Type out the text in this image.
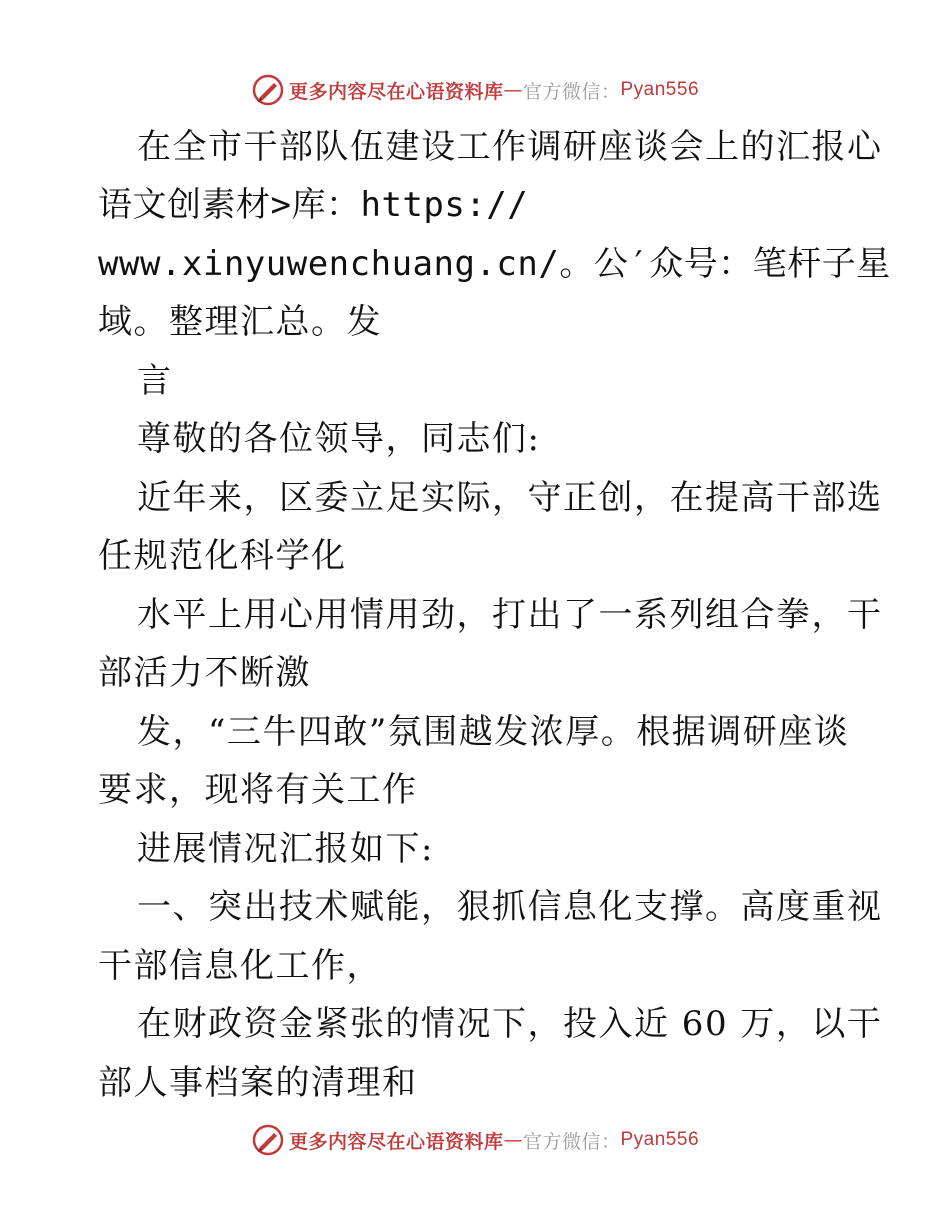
更多内容尽在心语资料库 — 官方微信： Pyan556
在全市干部队伍建设工作调研座谈会上的汇报心
语文创素材>库：https://
www.xinyuwenchuang.cn/。公′众号：笔杆子星
域。整理汇总。发
言
尊敬的各位领导，同志们:
近年来，区委立足实际，守正创，在提高干部选
任规范化科学化
水平上用心用情用劲，打出了一系列组合拳，干
部活力不断激
发，“三牛四敢”氛围越发浓厚。根据调研座谈
要求，现将有关工作
进展情况汇报如下:
一、突出技术赋能，狠抓信息化支撑。高度重视
干部信息化工作，
在财政资金紧张的情况下，投入近 60 万，以干
部人事档案的清理和
更多内容尽在心语资料库 — 官方微信： Pyan556
